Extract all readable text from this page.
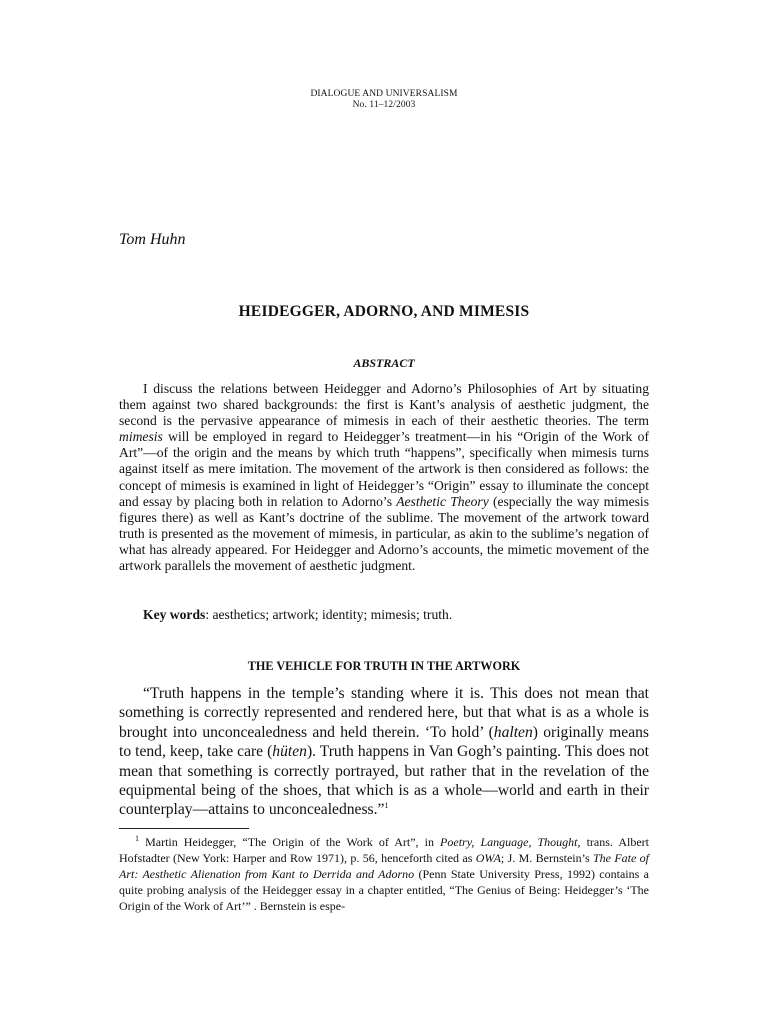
DIALOGUE AND UNIVERSALISM
No. 11–12/2003
Tom Huhn
HEIDEGGER, ADORNO, AND MIMESIS
ABSTRACT

I discuss the relations between Heidegger and Adorno’s Philosophies of Art by situating them against two shared backgrounds: the first is Kant’s analysis of aesthetic judgment, the second is the pervasive appearance of mimesis in each of their aesthetic theories. The term mimesis will be employed in regard to Heidegger’s treatment—in his “Origin of the Work of Art”—of the origin and the means by which truth “happens”, specifically when mimesis turns against itself as mere imitation. The movement of the artwork is then considered as follows: the concept of mimesis is examined in light of Heidegger’s “Origin” essay to illuminate the concept and essay by placing both in relation to Adorno’s Aesthetic Theory (especially the way mimesis figures there) as well as Kant’s doctrine of the sublime. The movement of the artwork toward truth is presented as the movement of mimesis, in particular, as akin to the sublime’s negation of what has already appeared. For Heidegger and Adorno’s accounts, the mimetic movement of the artwork parallels the movement of aesthetic judgment.

Key words: aesthetics; artwork; identity; mimesis; truth.

THE VEHICLE FOR TRUTH IN THE ARTWORK

“Truth happens in the temple’s standing where it is. This does not mean that something is correctly represented and rendered here, but that what is as a whole is brought into unconcealedness and held therein. ‘To hold’ (halten) originally means to tend, keep, take care (hüten). Truth happens in Van Gogh’s painting. This does not mean that something is correctly portrayed, but rather that in the revelation of the equipmental being of the shoes, that which is as a whole—world and earth in their counterplay—attains to unconcealedness.”$^1$

$^1$ Martin Heidegger, “The Origin of the Work of Art”, in Poetry, Language, Thought, trans. Albert Hofstadter (New York: Harper and Row 1971), p. 56, henceforth cited as OWA; J. M. Bernstein’s The Fate of Art: Aesthetic Alienation from Kant to Derrida and Adorno (Penn State University Press, 1992) contains a quite probing analysis of the Heidegger essay in a chapter entitled, “The Genius of Being: Heidegger’s ‘The Origin of the Work of Art’” . Bernstein is espe-
